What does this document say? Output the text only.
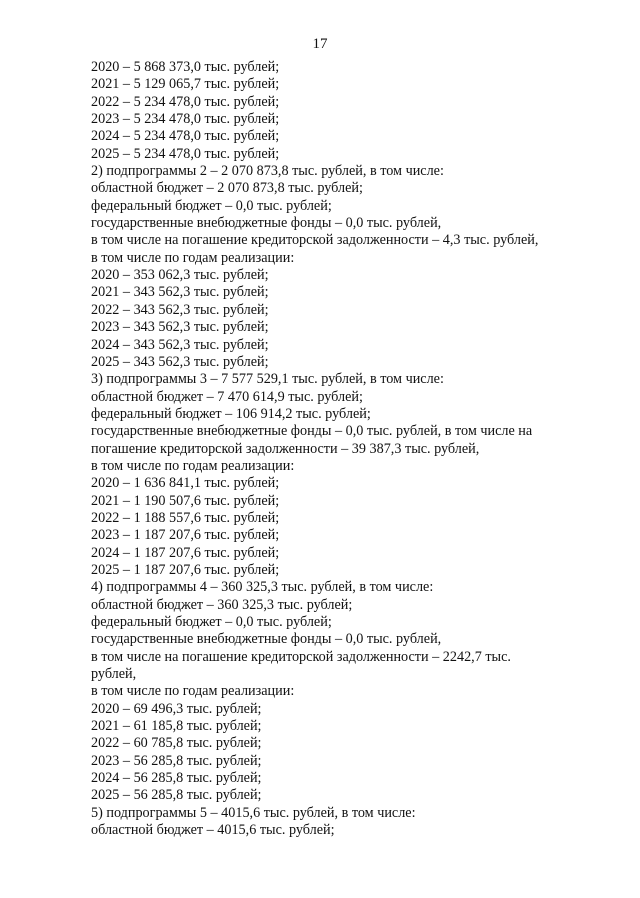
17
2020 – 5 868 373,0 тыс. рублей;
2021 – 5 129 065,7 тыс. рублей;
2022 – 5 234 478,0 тыс. рублей;
2023 – 5 234 478,0 тыс. рублей;
2024 – 5 234 478,0 тыс. рублей;
2025 – 5 234 478,0 тыс. рублей;
2) подпрограммы 2 – 2 070 873,8 тыс. рублей, в том числе:
областной бюджет – 2 070 873,8 тыс. рублей;
федеральный бюджет – 0,0 тыс. рублей;
государственные внебюджетные фонды – 0,0 тыс. рублей,
в том числе на погашение кредиторской задолженности – 4,3 тыс. рублей,
в том числе по годам реализации:
2020 – 353 062,3 тыс. рублей;
2021 – 343 562,3 тыс. рублей;
2022 – 343 562,3 тыс. рублей;
2023 – 343 562,3 тыс. рублей;
2024 – 343 562,3 тыс. рублей;
2025 – 343 562,3 тыс. рублей;
3) подпрограммы 3 – 7 577 529,1 тыс. рублей, в том числе:
областной бюджет – 7 470 614,9 тыс. рублей;
федеральный бюджет – 106 914,2 тыс. рублей;
государственные внебюджетные фонды – 0,0 тыс. рублей, в том числе на
погашение кредиторской задолженности – 39 387,3 тыс. рублей,
в том числе по годам реализации:
2020 – 1 636 841,1 тыс. рублей;
2021 – 1 190 507,6 тыс. рублей;
2022 – 1 188 557,6 тыс. рублей;
2023 – 1 187 207,6 тыс. рублей;
2024 – 1 187 207,6 тыс. рублей;
2025 – 1 187 207,6 тыс. рублей;
4) подпрограммы 4 – 360 325,3 тыс. рублей, в том числе:
областной бюджет – 360 325,3 тыс. рублей;
федеральный бюджет – 0,0 тыс. рублей;
государственные внебюджетные фонды – 0,0 тыс. рублей,
в том числе на погашение кредиторской задолженности – 2242,7 тыс.
рублей,
в том числе по годам реализации:
2020 – 69 496,3 тыс. рублей;
2021 – 61 185,8 тыс. рублей;
2022 – 60 785,8 тыс. рублей;
2023 – 56 285,8 тыс. рублей;
2024 – 56 285,8 тыс. рублей;
2025 – 56 285,8 тыс. рублей;
5) подпрограммы 5 – 4015,6 тыс. рублей, в том числе:
областной бюджет – 4015,6 тыс. рублей;
